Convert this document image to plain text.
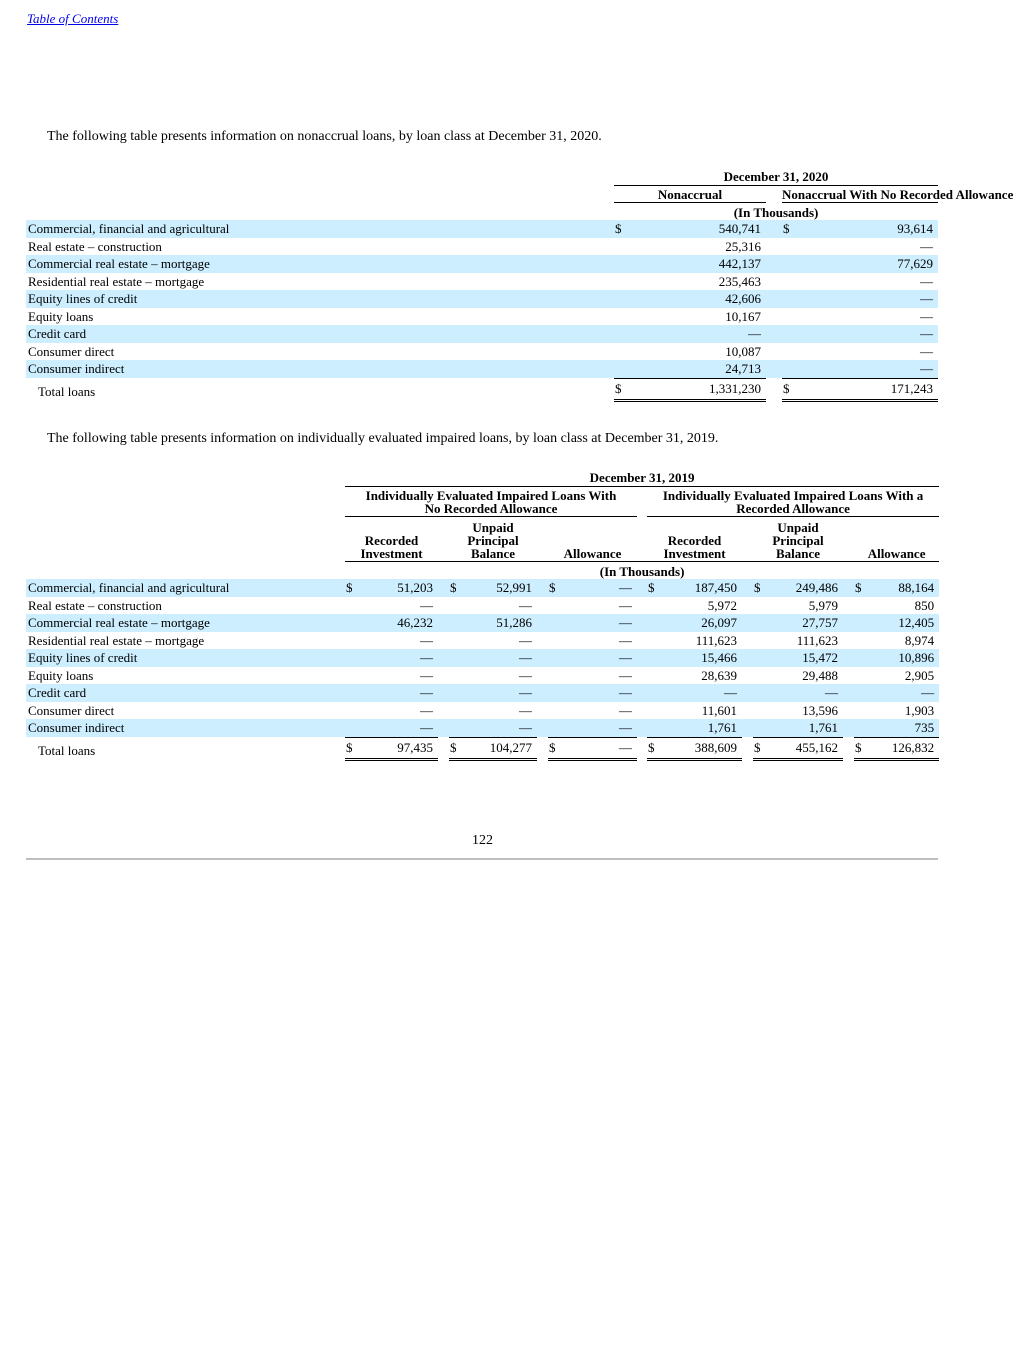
Table of Contents
The following table presents information on nonaccrual loans, by loan class at December 31, 2020.
	December 31, 2020				
	Nonaccrual			Nonaccrual With No Recorded Allowance	
	(In Thousands)				
Commercial, financial and agricultural	$	540,741		$	93,614
Real estate – construction		25,316			—
Commercial real estate – mortgage		442,137			77,629
Residential real estate – mortgage		235,463			—
Equity lines of credit		42,606			—
Equity loans		10,167			—
Credit card		—			—
Consumer direct		10,087			—
Consumer indirect		24,713			—
Total loans	$	1,331,230		$	171,243
The following table presents information on individually evaluated impaired loans, by loan class at December 31, 2019.
	December 31, 2019																
	Individually Evaluated Impaired Loans With No Recorded Allowance									Individually Evaluated Impaired Loans With a Recorded Allowance							
	Recorded Investment			Unpaid Principal Balance			Allowance			Recorded Investment			Unpaid Principal Balance			Allowance	
	(In Thousands)																
Commercial, financial and agricultural	$	51,203		$	52,991		$	—		$	187,450		$	249,486		$	88,164
Real estate – construction		—			—			—			5,972			5,979			850
Commercial real estate – mortgage		46,232			51,286			—			26,097			27,757			12,405
Residential real estate – mortgage		—			—			—			111,623			111,623			8,974
Equity lines of credit		—			—			—			15,466			15,472			10,896
Equity loans		—			—			—			28,639			29,488			2,905
Credit card		—			—			—			—			—			—
Consumer direct		—			—			—			11,601			13,596			1,903
Consumer indirect		—			—			—			1,761			1,761			735
Total loans	$	97,435		$	104,277		$	—		$	388,609		$	455,162		$	126,832
122
